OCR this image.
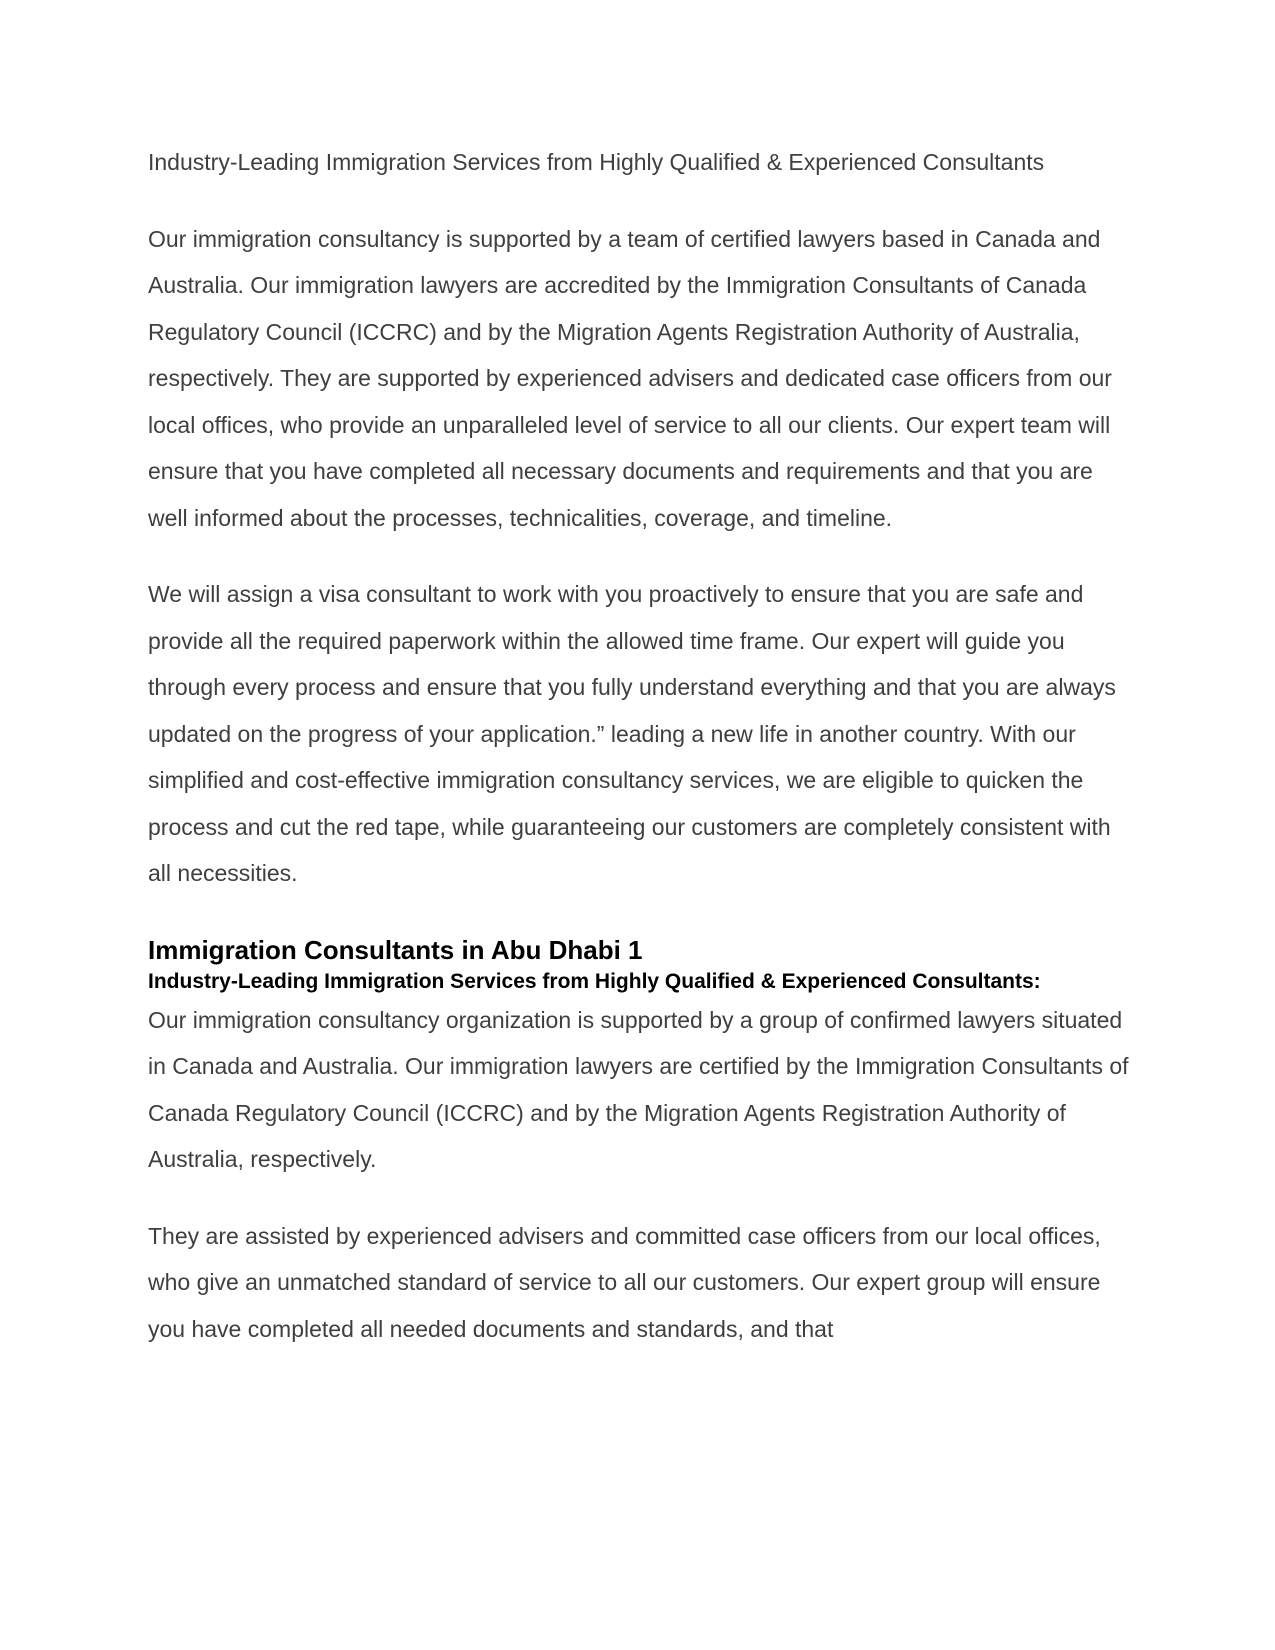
Industry-Leading Immigration Services from Highly Qualified & Experienced Consultants

Our immigration consultancy is supported by a team of certified lawyers based in Canada and Australia. Our immigration lawyers are accredited by the Immigration Consultants of Canada Regulatory Council (ICCRC) and by the Migration Agents Registration Authority of Australia, respectively. They are supported by experienced advisers and dedicated case officers from our local offices, who provide an unparalleled level of service to all our clients. Our expert team will ensure that you have completed all necessary documents and requirements and that you are well informed about the processes, technicalities, coverage, and timeline.

We will assign a visa consultant to work with you proactively to ensure that you are safe and provide all the required paperwork within the allowed time frame. Our expert will guide you through every process and ensure that you fully understand everything and that you are always updated on the progress of your application.” leading a new life in another country. With our simplified and cost-effective immigration consultancy services, we are eligible to quicken the process and cut the red tape, while guaranteeing our customers are completely consistent with all necessities.

Immigration Consultants in Abu Dhabi 1
Industry-Leading Immigration Services from Highly Qualified & Experienced Consultants:

Our immigration consultancy organization is supported by a group of confirmed lawyers situated in Canada and Australia. Our immigration lawyers are certified by the Immigration Consultants of Canada Regulatory Council (ICCRC) and by the Migration Agents Registration Authority of Australia, respectively.

They are assisted by experienced advisers and committed case officers from our local offices, who give an unmatched standard of service to all our customers. Our expert group will ensure you have completed all needed documents and standards, and that
